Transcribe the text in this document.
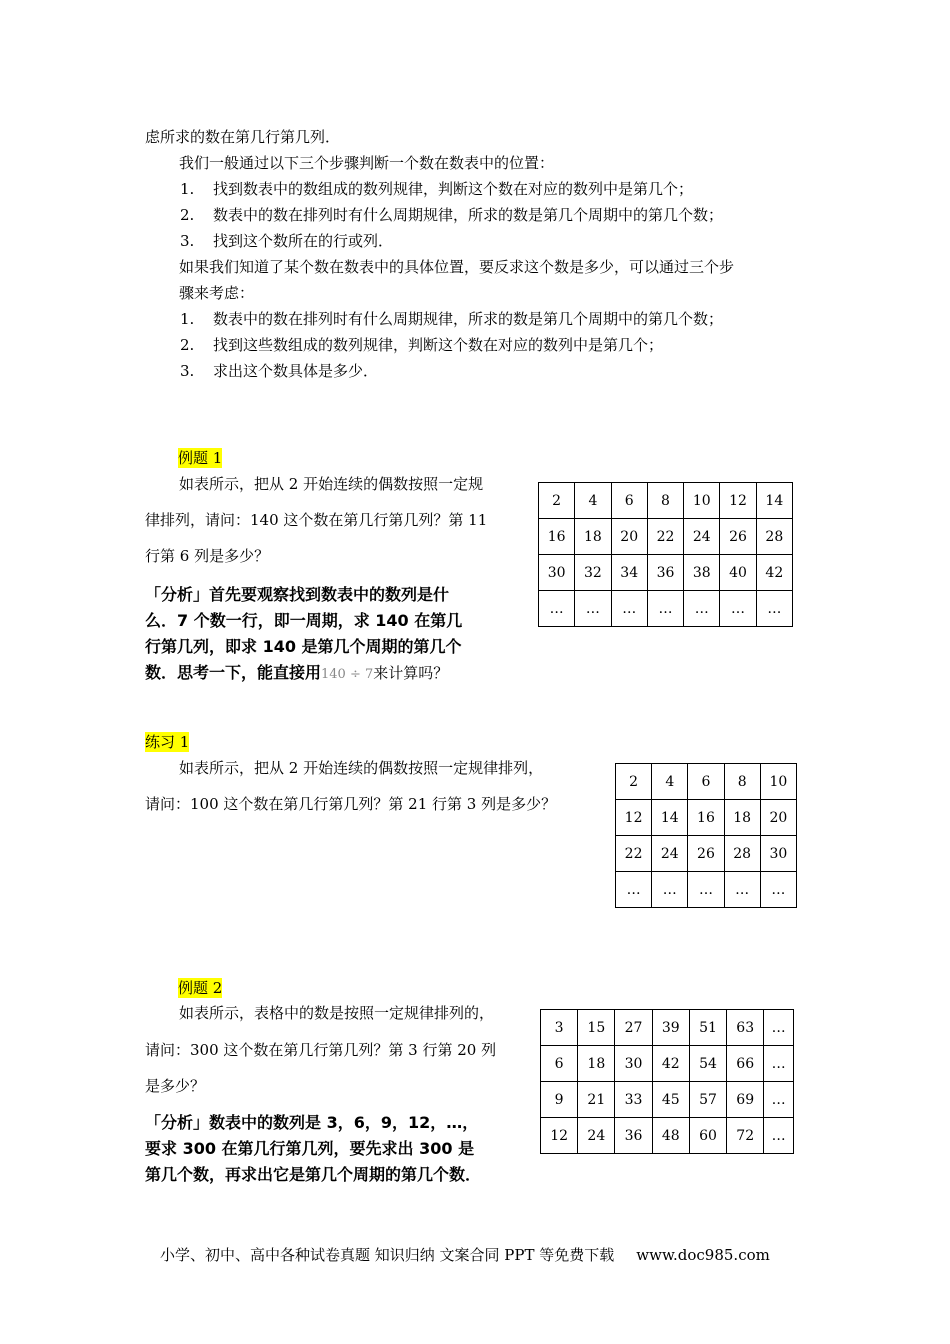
虑所求的数在第几行第几列．
我们一般通过以下三个步骤判断一个数在数表中的位置：
1. 找到数表中的数组成的数列规律，判断这个数在对应的数列中是第几个；
2. 数表中的数在排列时有什么周期规律，所求的数是第几个周期中的第几个数；
3. 找到这个数所在的行或列．
如果我们知道了某个数在数表中的具体位置，要反求这个数是多少，可以通过三个步
骤来考虑：
1. 数表中的数在排列时有什么周期规律，所求的数是第几个周期中的第几个数；
2. 找到这些数组成的数列规律，判断这个数在对应的数列中是第几个；
3. 求出这个数具体是多少．
例题 1
如表所示，把从 2 开始连续的偶数按照一定规
律排列，请问：140 这个数在第几行第几列？第 11
行第 6 列是多少？
「分析」首先要观察找到数表中的数列是什
么．7 个数一行，即一周期，求 140 在第几
行第几列，即求 140 是第几个周期的第几个
数．思考一下，能直接用140 ÷ 7来计算吗？
2	4	6	8	10	12	14
16	18	20	22	24	26	28
30	32	34	36	38	40	42
…	…	…	…	…	…	…
练习 1
如表所示，把从 2 开始连续的偶数按照一定规律排列，
请问：100 这个数在第几行第几列？第 21 行第 3 列是多少？
2	4	6	8	10
12	14	16	18	20
22	24	26	28	30
…	…	…	…	…
例题 2
如表所示，表格中的数是按照一定规律排列的，
请问：300 这个数在第几行第几列？第 3 行第 20 列
是多少？
「分析」数表中的数列是 3，6，9，12，…，
要求 300 在第几行第几列，要先求出 300 是
第几个数，再求出它是第几个周期的第几个数．
3	15	27	39	51	63	…
6	18	30	42	54	66	…
9	21	33	45	57	69	…
12	24	36	48	60	72	…
小学、初中、高中各种试卷真题 知识归纳 文案合同 PPT 等免费下载 www.doc985.com
